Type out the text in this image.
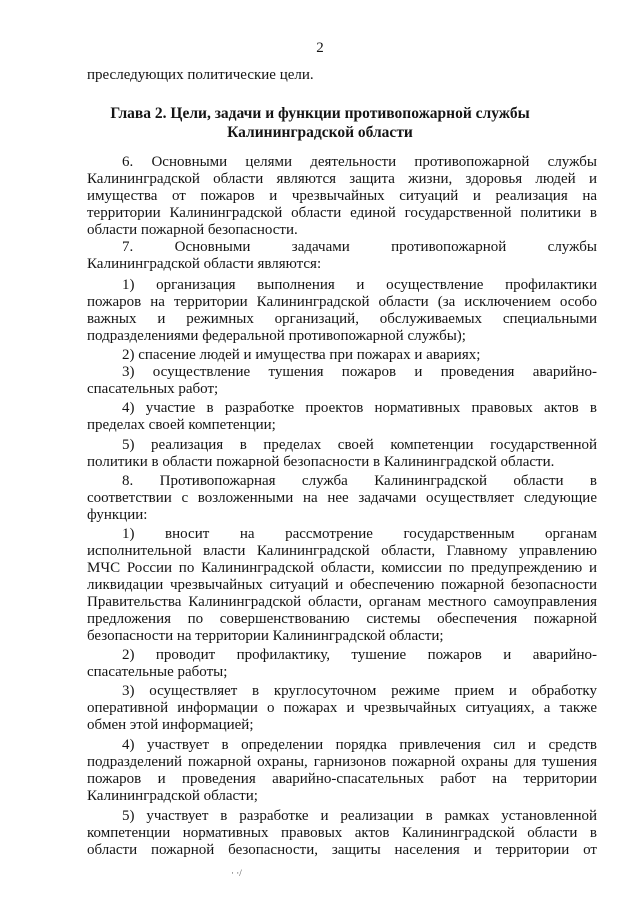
2
Глава 2. Цели, задачи и функции противопожарной службы
Калининградской области
преследующих политические цели.
6. Основными целями деятельности противопожарной службы
Калининградской области являются защита жизни, здоровья людей и
имущества от пожаров и чрезвычайных ситуаций и реализация на
территории Калининградской области единой государственной политики в
области пожарной безопасности.
7. Основными задачами противопожарной службы
Калининградской области являются:
1) организация выполнения и осуществление профилактики
пожаров на территории Калининградской области (за исключением особо
важных и режимных организаций, обслуживаемых специальными
подразделениями федеральной противопожарной службы);
2) спасение людей и имущества при пожарах и авариях;
3) осуществление тушения пожаров и проведения аварийно-
спасательных работ;
4) участие в разработке проектов нормативных правовых актов в
пределах своей компетенции;
5) реализация в пределах своей компетенции государственной
политики в области пожарной безопасности в Калининградской области.
8. Противопожарная служба Калининградской области в
соответствии с возложенными на нее задачами осуществляет следующие
функции:
1) вносит на рассмотрение государственным органам
исполнительной власти Калининградской области, Главному управлению
МЧС России по Калининградской области, комиссии по предупреждению и
ликвидации чрезвычайных ситуаций и обеспечению пожарной безопасности
Правительства Калининградской области, органам местного самоуправления
предложения по совершенствованию системы обеспечения пожарной
безопасности на территории Калининградской области;
2) проводит профилактику, тушение пожаров и аварийно-
спасательные работы;
3) осуществляет в круглосуточном режиме прием и обработку
оперативной информации о пожарах и чрезвычайных ситуациях, а также
обмен этой информацией;
4) участвует в определении порядка привлечения сил и средств
подразделений пожарной охраны, гарнизонов пожарной охраны для тушения
пожаров и проведения аварийно-спасательных работ на территории
Калининградской области;
5) участвует в разработке и реализации в рамках установленной
компетенции нормативных правовых актов Калининградской области в
области пожарной безопасности, защиты населения и территории от
· ·/
